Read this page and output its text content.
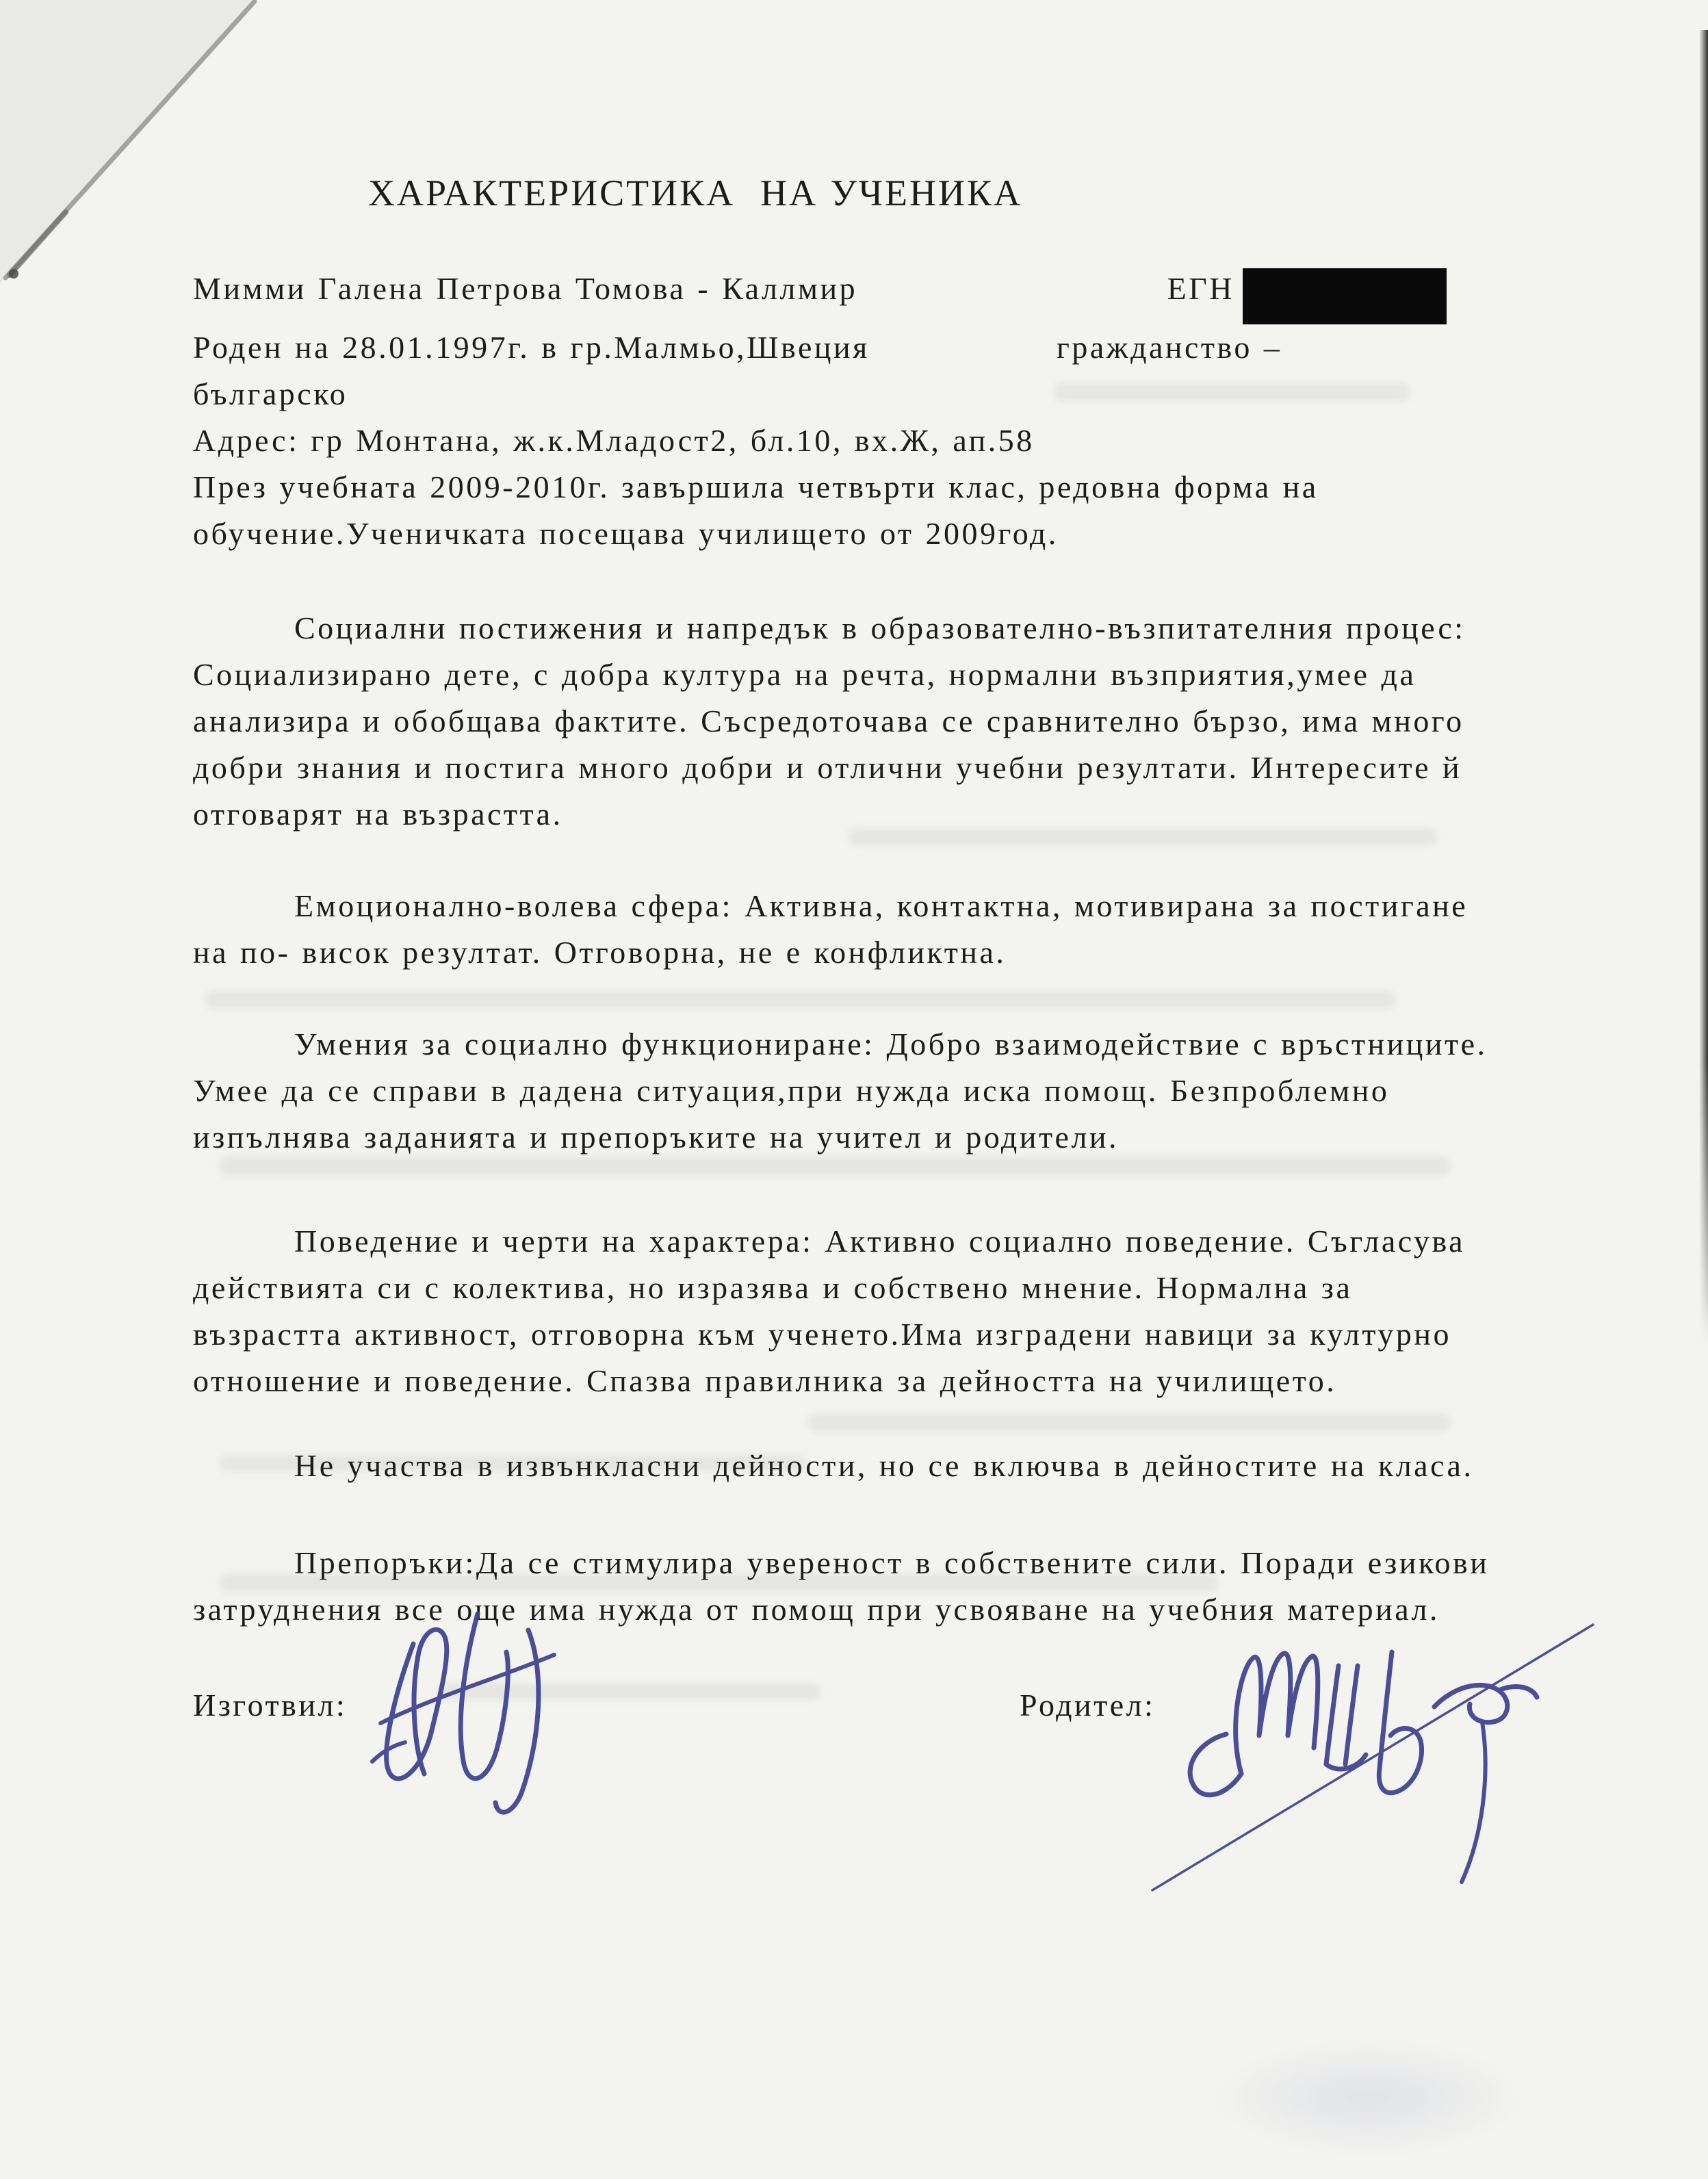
ХАРАКТЕРИСТИКА  НА УЧЕНИКА
Мимми Галена Петрова Томова - Каллмир	ЕГН
Роден на 28.01.1997г. в гр.Малмьо,Швеция	гражданство –
българско
Адрес: гр Монтана, ж.к.Младост2, бл.10, вх.Ж, ап.58
През учебната 2009-2010г. завършила четвърти клас, редовна форма на обучение.Ученичката посещава училището от 2009год.
Социални постижения и напредък в образователно-възпитателния процес: Социализирано дете, с добра култура на речта, нормални възприятия,умее да анализира и обобщава фактите. Съсредоточава се сравнително бързо, има много добри знания и постига много добри и отлични учебни резултати. Интересите й отговарят на възрастта.
Емоционално-волева сфера: Активна, контактна, мотивирана за постигане на по- висок резултат. Отговорна, не е конфликтна.
Умения за социално функциониране: Добро взаимодействие с връстниците. Умее да се справи в дадена ситуация,при нужда иска помощ. Безпроблемно изпълнява заданията и препоръките на учител и родители.
Поведение и черти на характера: Активно социално поведение. Съгласува действията си с колектива, но изразява и собствено мнение. Нормална за възрастта активност, отговорна към ученето.Има изградени навици за културно отношение и поведение. Спазва правилника за дейността на училището.
Не участва в извънкласни дейности, но се включва в дейностите на класа.
Препоръки:Да се стимулира увереност в собствените сили. Поради езикови затруднения все още има нужда от помощ при усвояване на учебния материал.
Изготвил:	Родител:
